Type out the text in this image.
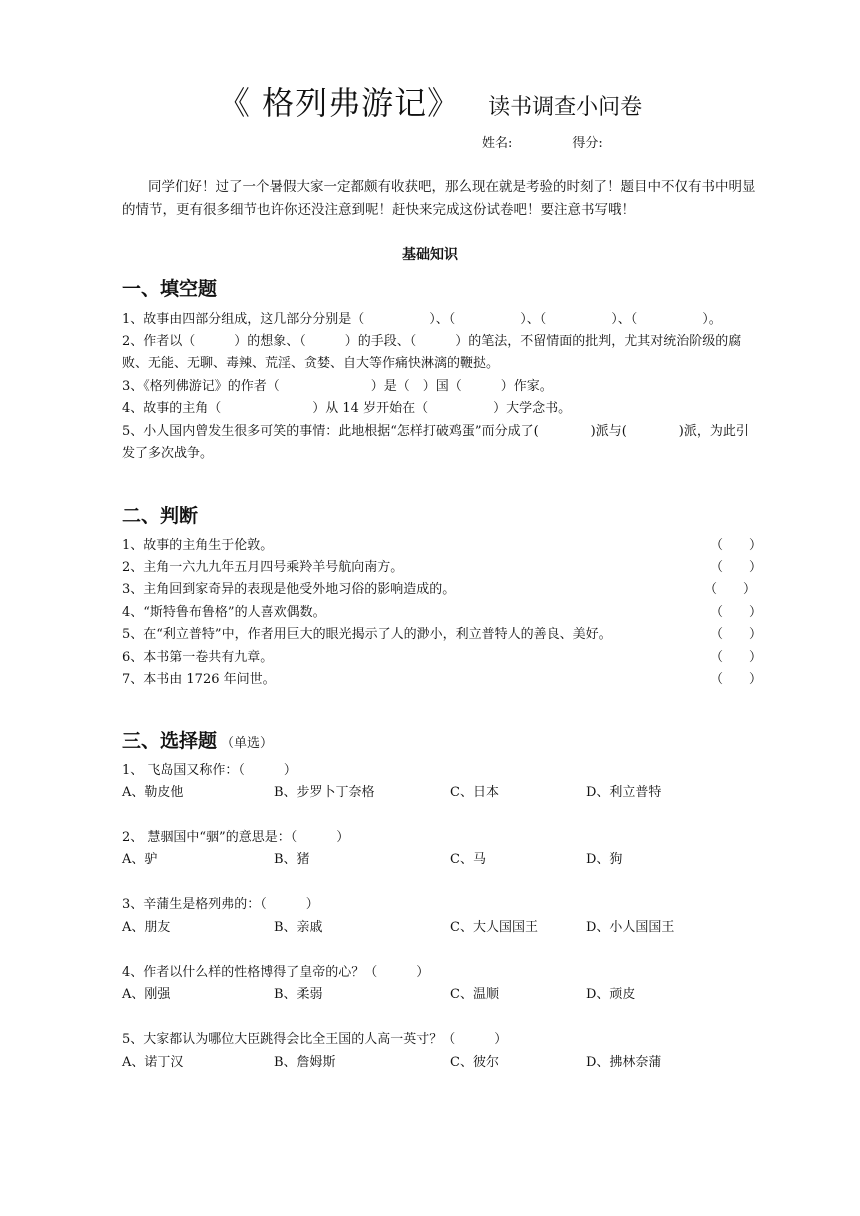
《 格列弗游记》 读书调查小问卷
姓名:	得分:
同学们好！过了一个暑假大家一定都颇有收获吧，那么现在就是考验的时刻了！题目中不仅有书中明显的情节，更有很多细节也许你还没注意到呢！赶快来完成这份试卷吧！要注意书写哦！
基础知识
一、填空题
1、故事由四部分组成，这几部分分别是（　　　　　）、（　　　　　）、（　　　　　）、（　　　　　）。
2、作者以（　　　）的想象、（　　　）的手段、（　　　）的笔法，不留情面的批判，尤其对统治阶级的腐败、无能、无聊、毒辣、荒淫、贪婪、自大等作痛快淋漓的鞭挞。
3、《格列佛游记》的作者（　　　　　　　）是（　）国（　　　）作家。
4、故事的主角（　　　　　　　）从 14 岁开始在（　　　　　）大学念书。
5、小人国内曾发生很多可笑的事情：此地根据“怎样打破鸡蛋”而分成了(　　　　)派与(　　　　)派，为此引发了多次战争。
二、判断
1、故事的主角生于伦敦。	（　　）
2、主角一六九九年五月四号乘羚羊号航向南方。	（　　）
3、主角回到家奇异的表现是他受外地习俗的影响造成的。	（　　）
4、“斯特鲁布鲁格”的人喜欢偶数。	（　　）
5、在“利立普特”中，作者用巨大的眼光揭示了人的渺小，利立普特人的善良、美好。	（　　）
6、本书第一卷共有九章。	（　　）
7、本书由 1726 年问世。	（　　）
三、选择题 （单选）
1、 飞岛国又称作：（　　　）
A、勒皮他	B、步罗卜丁奈格	C、日本	D、利立普特
2、 慧骃国中“骃”的意思是：（　　　）
A、驴	B、猪	C、马	D、狗
3、辛蒲生是格列弗的：（　　　）
A、朋友	B、亲戚	C、大人国国王	D、小人国国王
4、作者以什么样的性格博得了皇帝的心？（　　　）
A、刚强	B、柔弱	C、温顺	D、顽皮
5、大家都认为哪位大臣跳得会比全王国的人高一英寸？（　　　）
A、诺丁汉	B、詹姆斯	C、彼尔	D、拂林奈蒲
